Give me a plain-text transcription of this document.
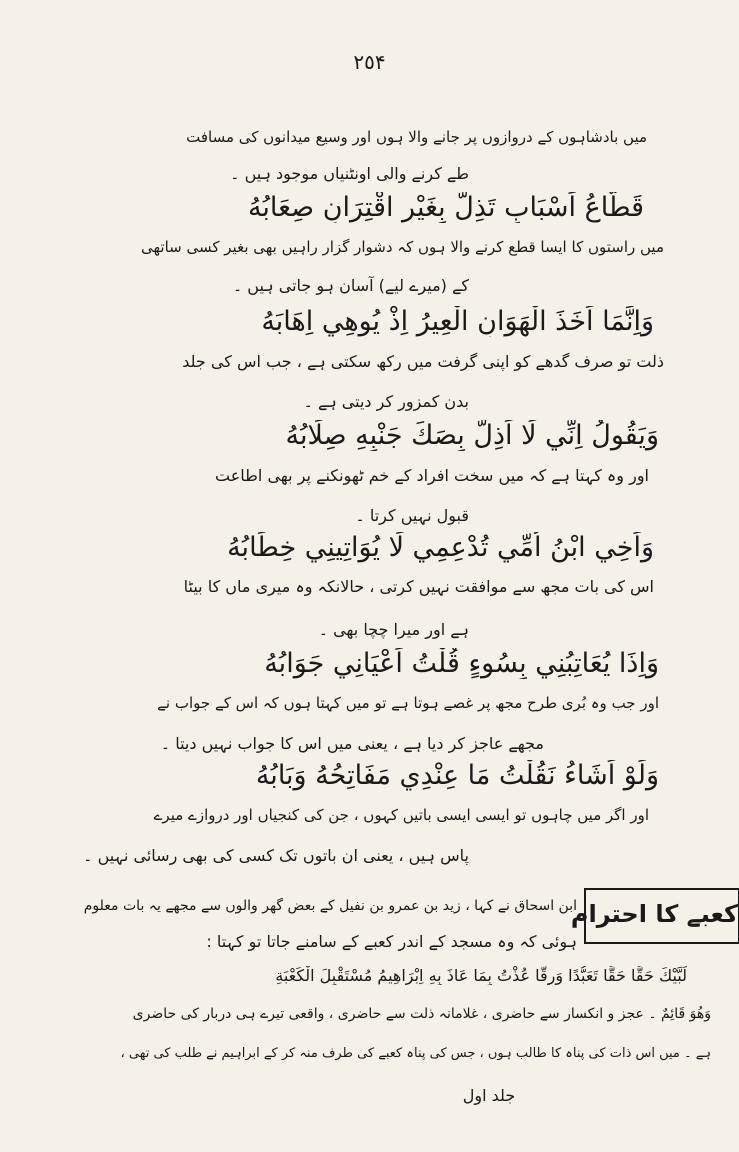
٢٥۴
میں بادشاہوں کے دروازوں پر جانے والا ہوں اور وسیع میدانوں کی مسافت
طے کرنے والی اونٹنیاں موجود ہیں ۔
قَطَّاعُ اَسْبَابٍ تَذِلُّ بِغَيْرِ اقْتِرَانٍ صِعَابُهُ
میں راستوں کا ایسا قطع کرنے والا ہوں کہ دشوار گزار راہیں بھی بغیر کسی ساتھی
کے (میرے لیے) آسان ہو جاتی ہیں ۔
وَاِنَّمَا اَخَذَ الْهَوَانِ الْعِيرُ اِذْ يُوهِي اِهَابَهُ
ذلت تو صرف گدھے کو اپنی گرفت میں رکھ سکتی ہے ، جب اس کی جلد
بدن کمزور کر دیتی ہے ۔
وَيَقُولُ اِنِّي لَا اَذِلُّ بِصَكِّ جَنْبِهِ صِلَابُهُ
اور وہ کہتا ہے کہ میں سخت افراد کے خم ٹھونکنے پر بھی اطاعت
قبول نہیں کرتا ۔
وَاَخِي ابْنُ اُمِّي تُدْعِمِي لَا يُوَاتِينِي خِطَابُهُ
اس کی بات مجھ سے موافقت نہیں کرتی ، حالانکہ وہ میری ماں کا بیٹا
ہے اور میرا چچا بھی ۔
وَاِذَا يُعَاتِبُنِي بِسُوءٍ قُلْتُ اَعْيَانِي جَوَابُهُ
اور جب وہ بُری طرح مجھ پر غصے ہوتا ہے تو میں کہتا ہوں کہ اس کے جواب نے
مجھے عاجز کر دیا ہے ، یعنی میں اس کا جواب نہیں دیتا ۔
وَلَوْ اَشَاءُ نَقُلْتُ مَا عِنْدِي مَفَاتِحُهُ وَبَابُهُ
اور اگر میں چاہوں تو ایسی ایسی باتیں کہوں ، جن کی کنجیاں اور دروازے میرے
پاس ہیں ، یعنی ان باتوں تک کسی کی بھی رسائی نہیں ۔
کعبے کا احترام
ابن اسحاق نے کہا ، زید بن عمرو بن نفیل کے بعض گھر والوں سے مجھے یہ بات معلوم
ہوئی کہ وہ مسجد کے اندر کعبے کے سامنے جاتا تو کہتا :
لَبَّيْكَ حَقًّا حَقًّا تَعَبُّدًا وَرِقًّا عُذْتُ بِمَا عَاذَ بِهِ اِبْرَاهِيمُ مُسْتَقْبِلَ الْكَعْبَةِ
وَهُوَ قَائِمٌ ۔ عجز و انکسار سے حاضری ، غلامانہ ذلت سے حاضری ، واقعی تیرے ہی دربار کی حاضری
ہے ۔ میں اس ذات کی پناہ کا طالب ہوں ، جس کی پناہ کعبے کی طرف منہ کر کے ابراہیم نے طلب کی تھی ،
جلد اول
